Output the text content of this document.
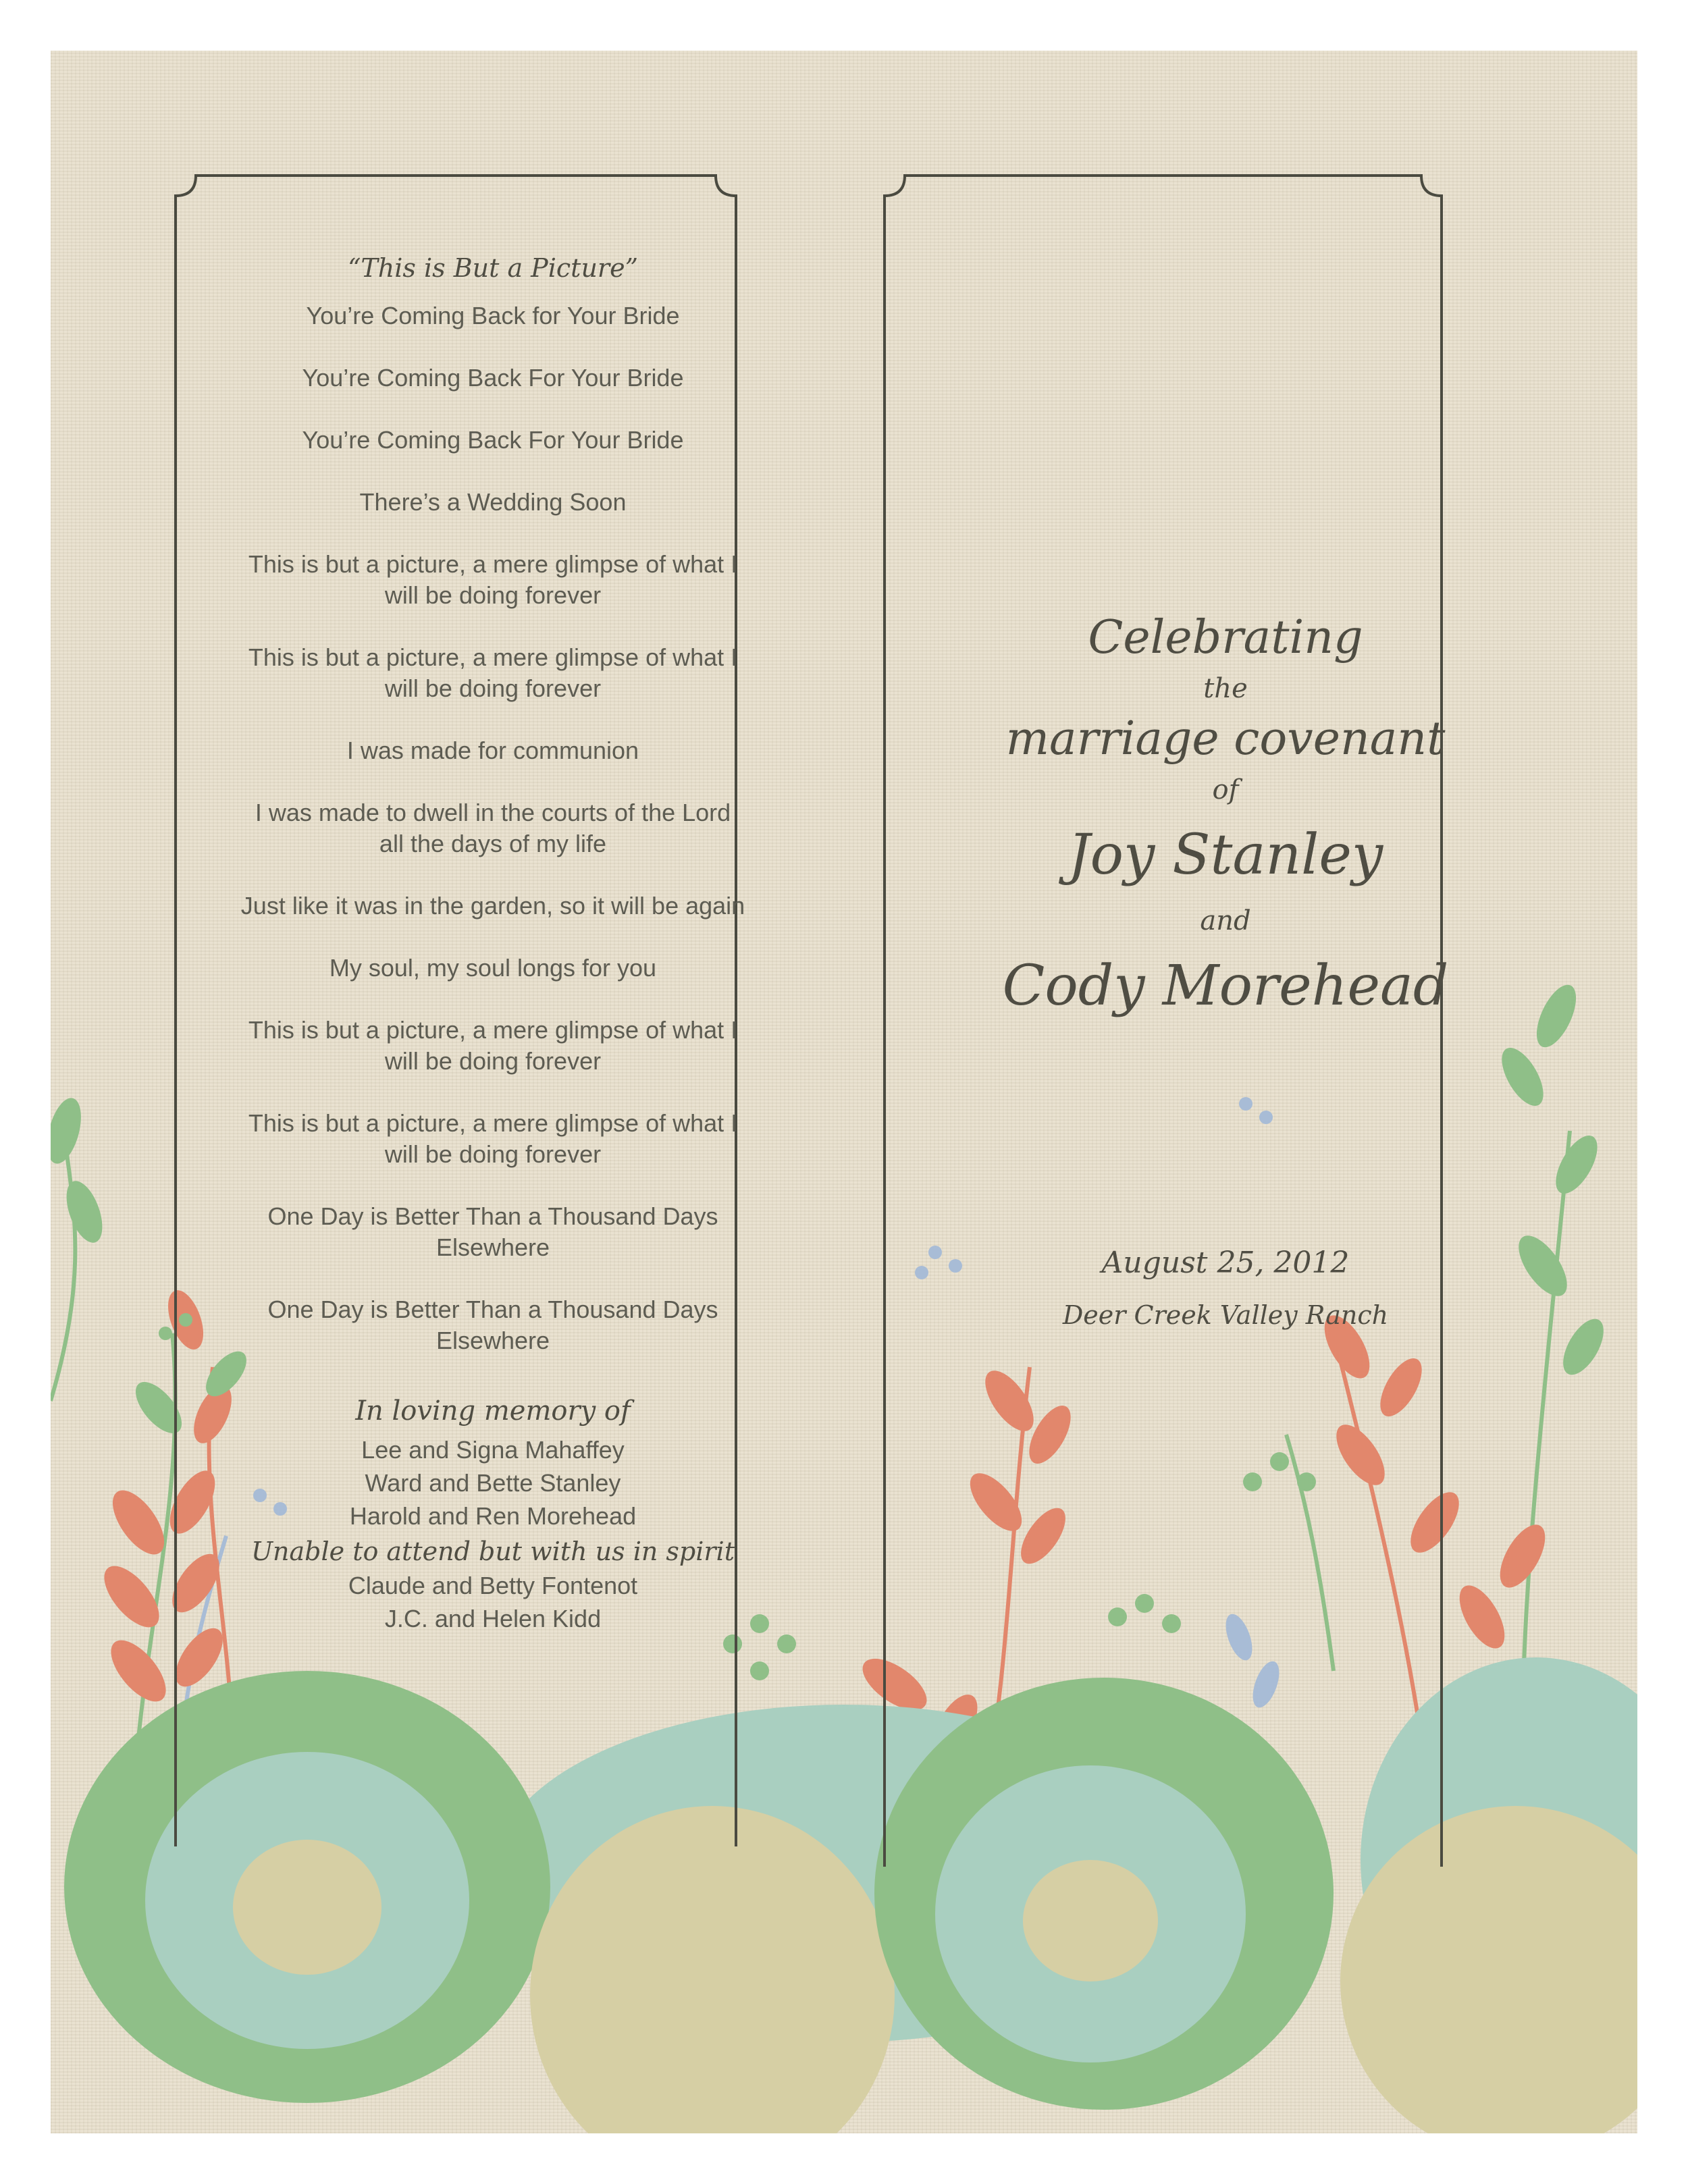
“This is But a Picture”

You’re Coming Back for Your Bride

You’re Coming Back For Your Bride

You’re Coming Back For Your Bride

There’s a Wedding Soon

This is but a picture, a mere glimpse of what I will be doing forever

This is but a picture, a mere glimpse of what I will be doing forever

I was made for communion

I was made to dwell in the courts of the Lord all the days of my life

Just like it was in the garden, so it will be again

My soul, my soul longs for you

This is but a picture, a mere glimpse of what I will be doing forever

This is but a picture, a mere glimpse of what I will be doing forever

One Day is Better Than a Thousand Days Elsewhere

One Day is Better Than a Thousand Days Elsewhere

In loving memory of

Lee and Signa Mahaffey

Ward and Bette Stanley

Harold and Ren Morehead

Unable to attend but with us in spirit

Claude and Betty Fontenot

J.C. and Helen Kidd

Celebrating

the

marriage covenant

of

Joy Stanley

and

Cody Morehead

August 25, 2012

Deer Creek Valley Ranch
